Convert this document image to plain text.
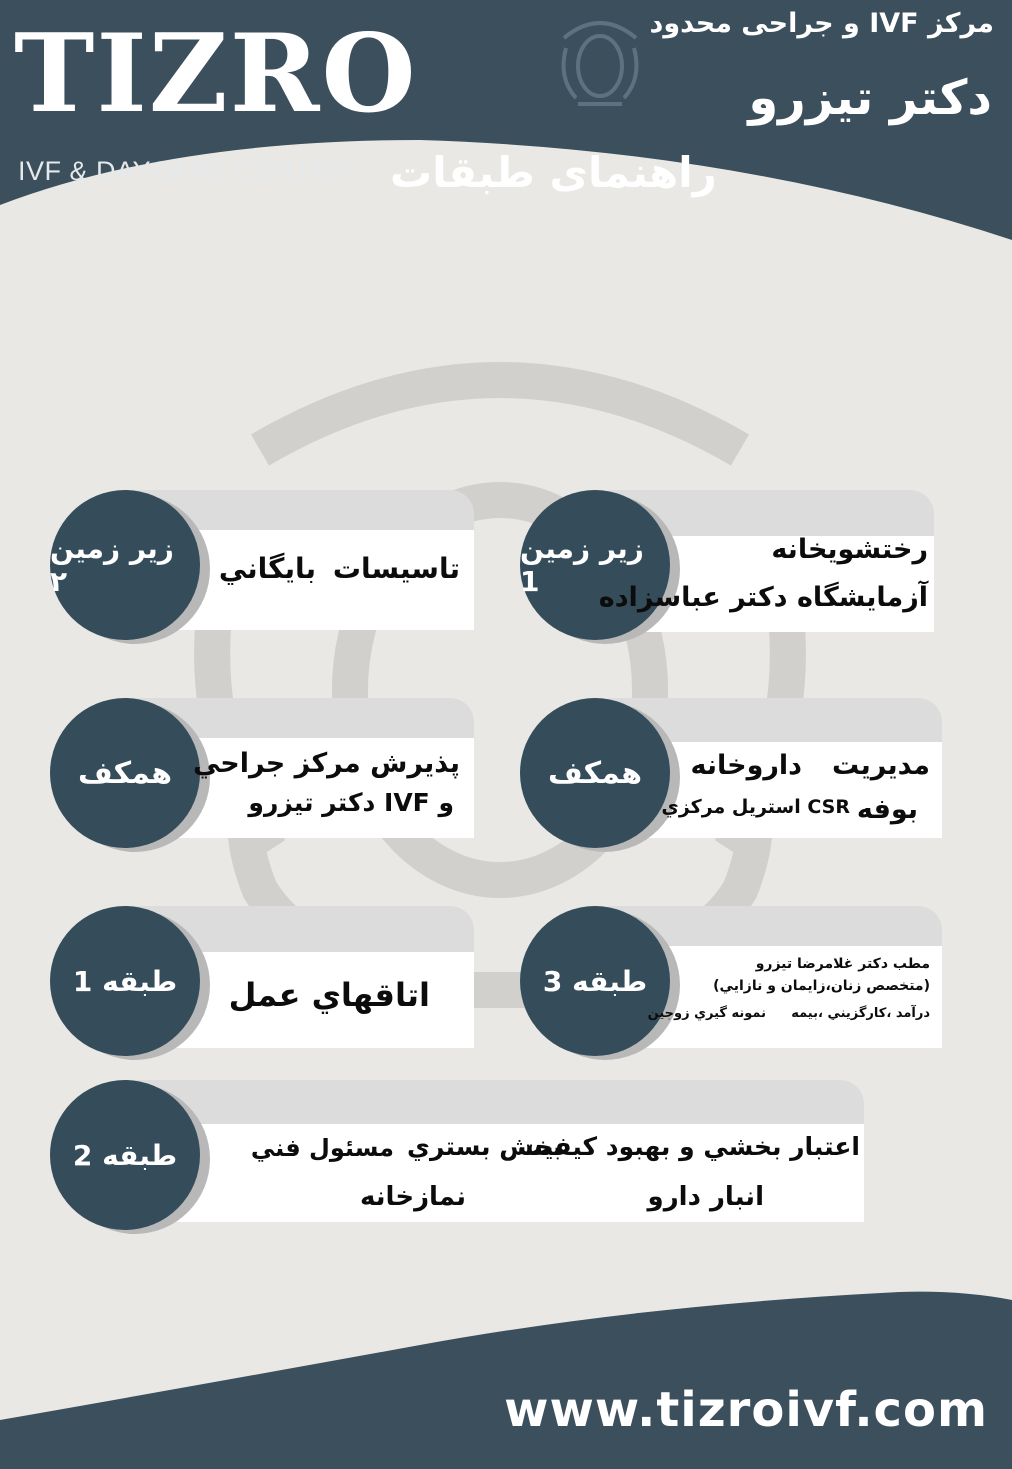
TIZRO
IVF & DAYCARE CENTER
مرکز IVF و جراحی محدود
دکتر تیزرو
راهنمای طبقات
زیر زمین 1
رختشويخانه
آزمايشگاه دکتر عباسزاده
زیر زمین ۲	تاسيسات
بايگاني
همکف	مديريت
داروخانه
بوفه
CSR استريل مرکزي
همکف پذيرش مرکز جراحي
و IVF دکتر تيزرو
طبقه 3
مطب دکتر غلامرضا تيزرو
(متخصص زنان،زايمان و نازايي)
درآمد ،کارگزيني ،بيمه
نمونه گيري زوجين
طبقه 1	اتاقهاي عمل
طبقه 2	اعتبار بخشي و بهبود كيفيت
بخش بستري
مسئول فني
انبار دارو
نمازخانه
www.tizroivf.com
